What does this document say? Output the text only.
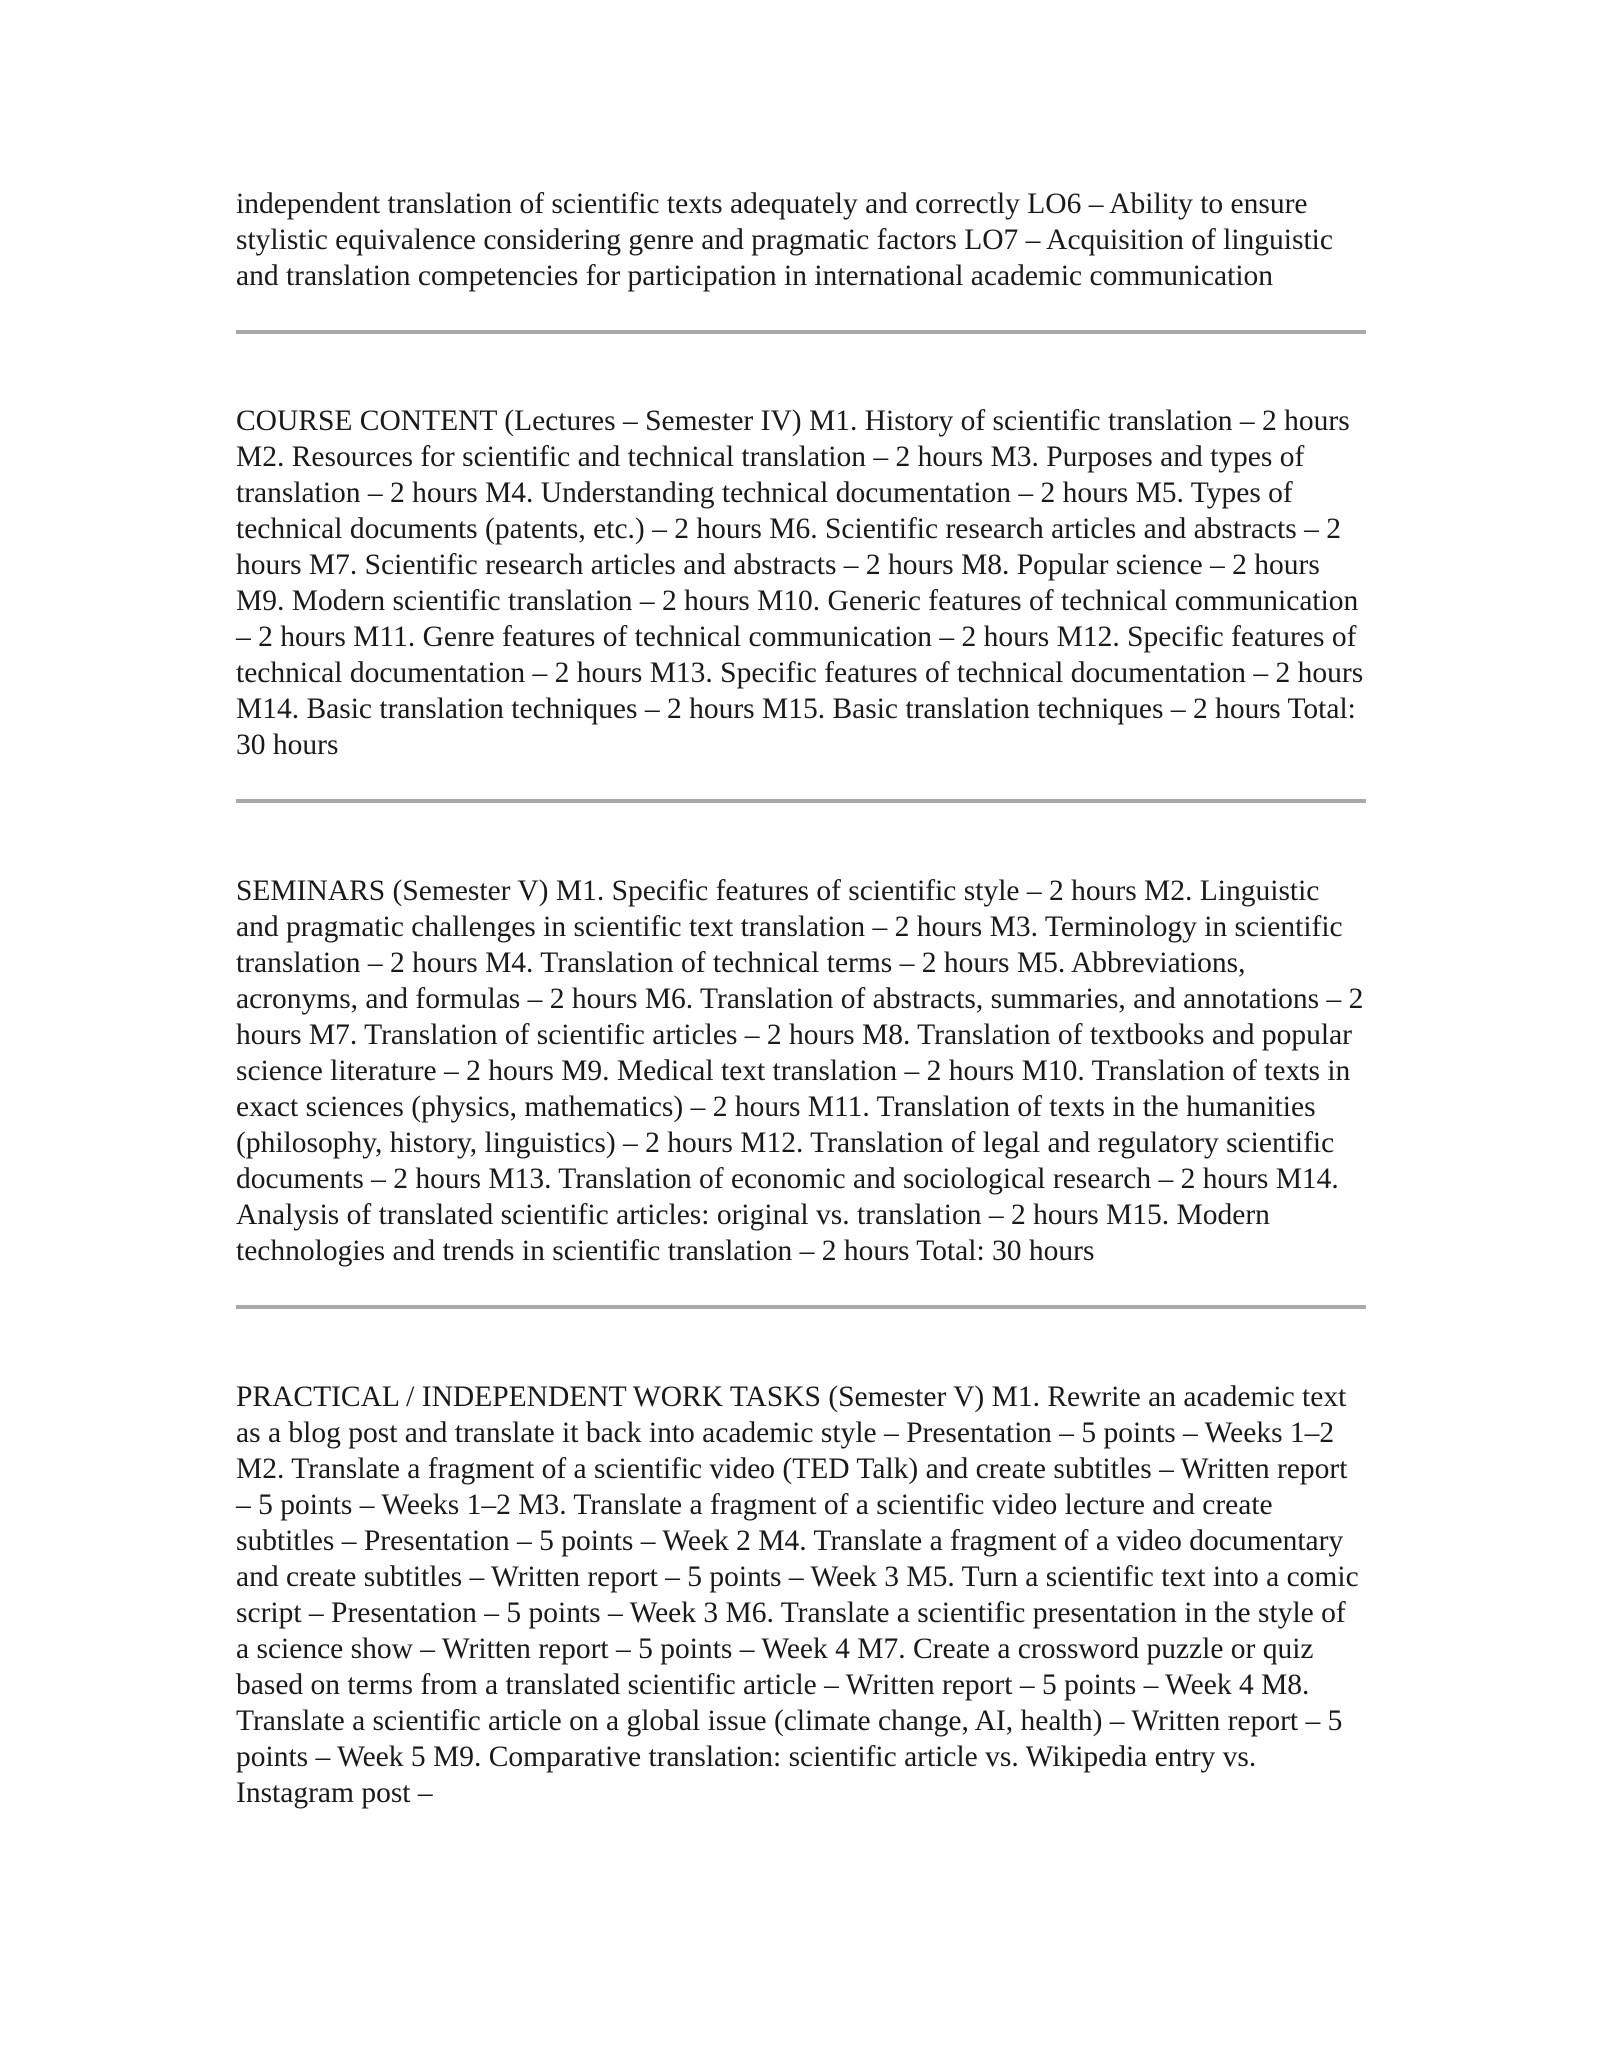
independent translation of scientific texts adequately and correctly LO6 – Ability to ensure stylistic equivalence considering genre and pragmatic factors LO7 – Acquisition of linguistic and translation competencies for participation in international academic communication

COURSE CONTENT (Lectures – Semester IV) M1. History of scientific translation – 2 hours M2. Resources for scientific and technical translation – 2 hours M3. Purposes and types of translation – 2 hours M4. Understanding technical documentation – 2 hours M5. Types of technical documents (patents, etc.) – 2 hours M6. Scientific research articles and abstracts – 2 hours M7. Scientific research articles and abstracts – 2 hours M8. Popular science – 2 hours M9. Modern scientific translation – 2 hours M10. Generic features of technical communication – 2 hours M11. Genre features of technical communication – 2 hours M12. Specific features of technical documentation – 2 hours M13. Specific features of technical documentation – 2 hours M14. Basic translation techniques – 2 hours M15. Basic translation techniques – 2 hours Total: 30 hours

SEMINARS (Semester V) M1. Specific features of scientific style – 2 hours M2. Linguistic and pragmatic challenges in scientific text translation – 2 hours M3. Terminology in scientific translation – 2 hours M4. Translation of technical terms – 2 hours M5. Abbreviations, acronyms, and formulas – 2 hours M6. Translation of abstracts, summaries, and annotations – 2 hours M7. Translation of scientific articles – 2 hours M8. Translation of textbooks and popular science literature – 2 hours M9. Medical text translation – 2 hours M10. Translation of texts in exact sciences (physics, mathematics) – 2 hours M11. Translation of texts in the humanities (philosophy, history, linguistics) – 2 hours M12. Translation of legal and regulatory scientific documents – 2 hours M13. Translation of economic and sociological research – 2 hours M14. Analysis of translated scientific articles: original vs. translation – 2 hours M15. Modern technologies and trends in scientific translation – 2 hours Total: 30 hours

PRACTICAL / INDEPENDENT WORK TASKS (Semester V) M1. Rewrite an academic text as a blog post and translate it back into academic style – Presentation – 5 points – Weeks 1–2 M2. Translate a fragment of a scientific video (TED Talk) and create subtitles – Written report – 5 points – Weeks 1–2 M3. Translate a fragment of a scientific video lecture and create subtitles – Presentation – 5 points – Week 2 M4. Translate a fragment of a video documentary and create subtitles – Written report – 5 points – Week 3 M5. Turn a scientific text into a comic script – Presentation – 5 points – Week 3 M6. Translate a scientific presentation in the style of a science show – Written report – 5 points – Week 4 M7. Create a crossword puzzle or quiz based on terms from a translated scientific article – Written report – 5 points – Week 4 M8. Translate a scientific article on a global issue (climate change, AI, health) – Written report – 5 points – Week 5 M9. Comparative translation: scientific article vs. Wikipedia entry vs. Instagram post –
